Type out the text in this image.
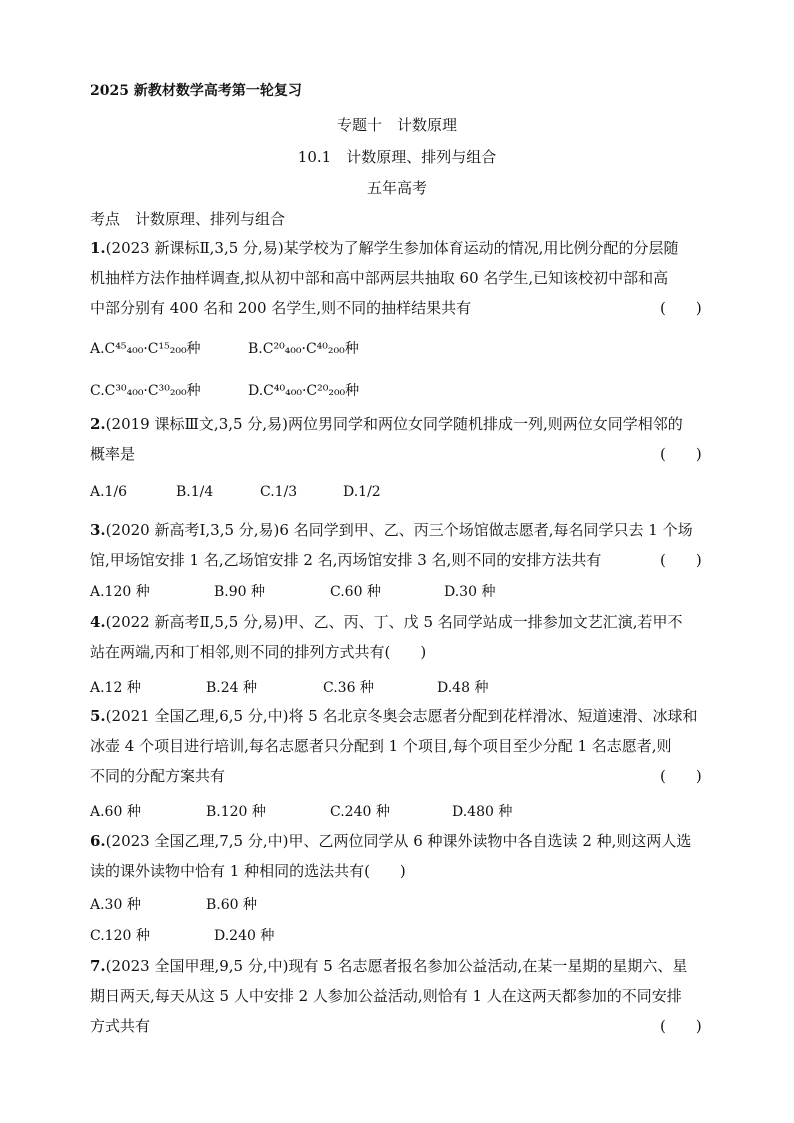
2025 新教材数学高考第一轮复习
专题十　计数原理
10.1　计数原理、排列与组合
五年高考
考点　计数原理、排列与组合
1.(2023 新课标Ⅱ,3,5 分,易)某学校为了解学生参加体育运动的情况,用比例分配的分层随
机抽样方法作抽样调查,拟从初中部和高中部两层共抽取 60 名学生,已知该校初中部和高
中部分别有 400 名和 200 名学生,则不同的抽样结果共有	(　　)
A.C⁴⁵₄₀₀·C¹⁵₂₀₀种	B.C²⁰₄₀₀·C⁴⁰₂₀₀种
C.C³⁰₄₀₀·C³⁰₂₀₀种	D.C⁴⁰₄₀₀·C²⁰₂₀₀种
2.(2019 课标Ⅲ文,3,5 分,易)两位男同学和两位女同学随机排成一列,则两位女同学相邻的
概率是	(　　)
A.1/6	B.1/4	C.1/3	D.1/2
3.(2020 新高考Ⅰ,3,5 分,易)6 名同学到甲、乙、丙三个场馆做志愿者,每名同学只去 1 个场
馆,甲场馆安排 1 名,乙场馆安排 2 名,丙场馆安排 3 名,则不同的安排方法共有	(　　)
A.120 种	B.90 种	C.60 种	D.30 种
4.(2022 新高考Ⅱ,5,5 分,易)甲、乙、丙、丁、戊 5 名同学站成一排参加文艺汇演,若甲不
站在两端,丙和丁相邻,则不同的排列方式共有(　　)
A.12 种	B.24 种	C.36 种	D.48 种
5.(2021 全国乙理,6,5 分,中)将 5 名北京冬奥会志愿者分配到花样滑冰、短道速滑、冰球和
冰壶 4 个项目进行培训,每名志愿者只分配到 1 个项目,每个项目至少分配 1 名志愿者,则
不同的分配方案共有	(　　)
A.60 种	B.120 种	C.240 种	D.480 种
6.(2023 全国乙理,7,5 分,中)甲、乙两位同学从 6 种课外读物中各自选读 2 种,则这两人选
读的课外读物中恰有 1 种相同的选法共有(　　)
A.30 种	B.60 种
C.120 种	D.240 种
7.(2023 全国甲理,9,5 分,中)现有 5 名志愿者报名参加公益活动,在某一星期的星期六、星
期日两天,每天从这 5 人中安排 2 人参加公益活动,则恰有 1 人在这两天都参加的不同安排
方式共有	(　　)
